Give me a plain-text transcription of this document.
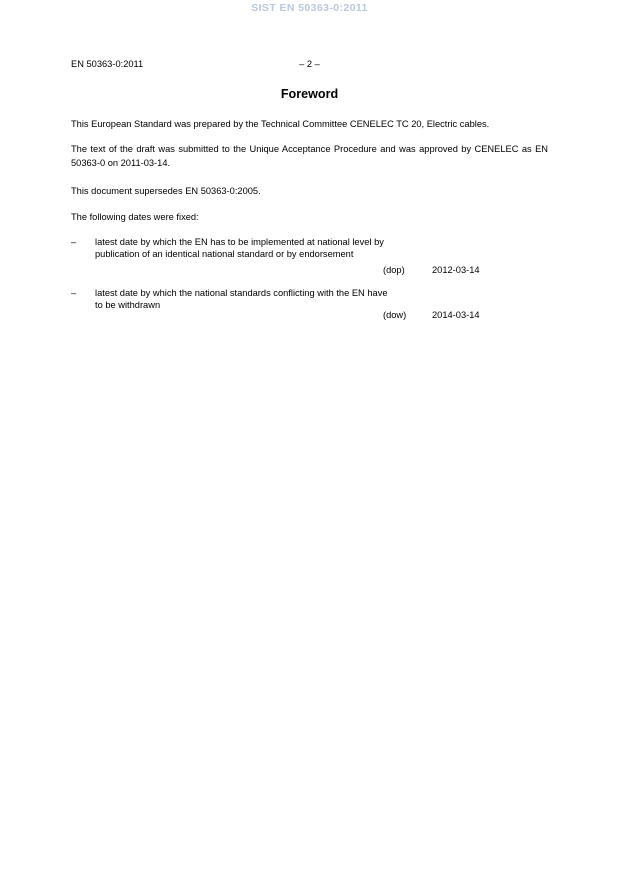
SIST EN 50363-0:2011
EN 50363-0:2011	– 2 –
Foreword
This European Standard was prepared by the Technical Committee CENELEC TC 20, Electric cables.
The text of the draft was submitted to the Unique Acceptance Procedure and was approved by CENELEC as EN 50363-0 on 2011-03-14.
This document supersedes EN 50363-0:2005.
The following dates were fixed:
–	latest date by which the EN has to be implemented at national level by publication of an identical national standard or by endorsement
(dop)	2012-03-14
–	latest date by which the national standards conflicting with the EN have to be withdrawn
(dow)	2014-03-14
